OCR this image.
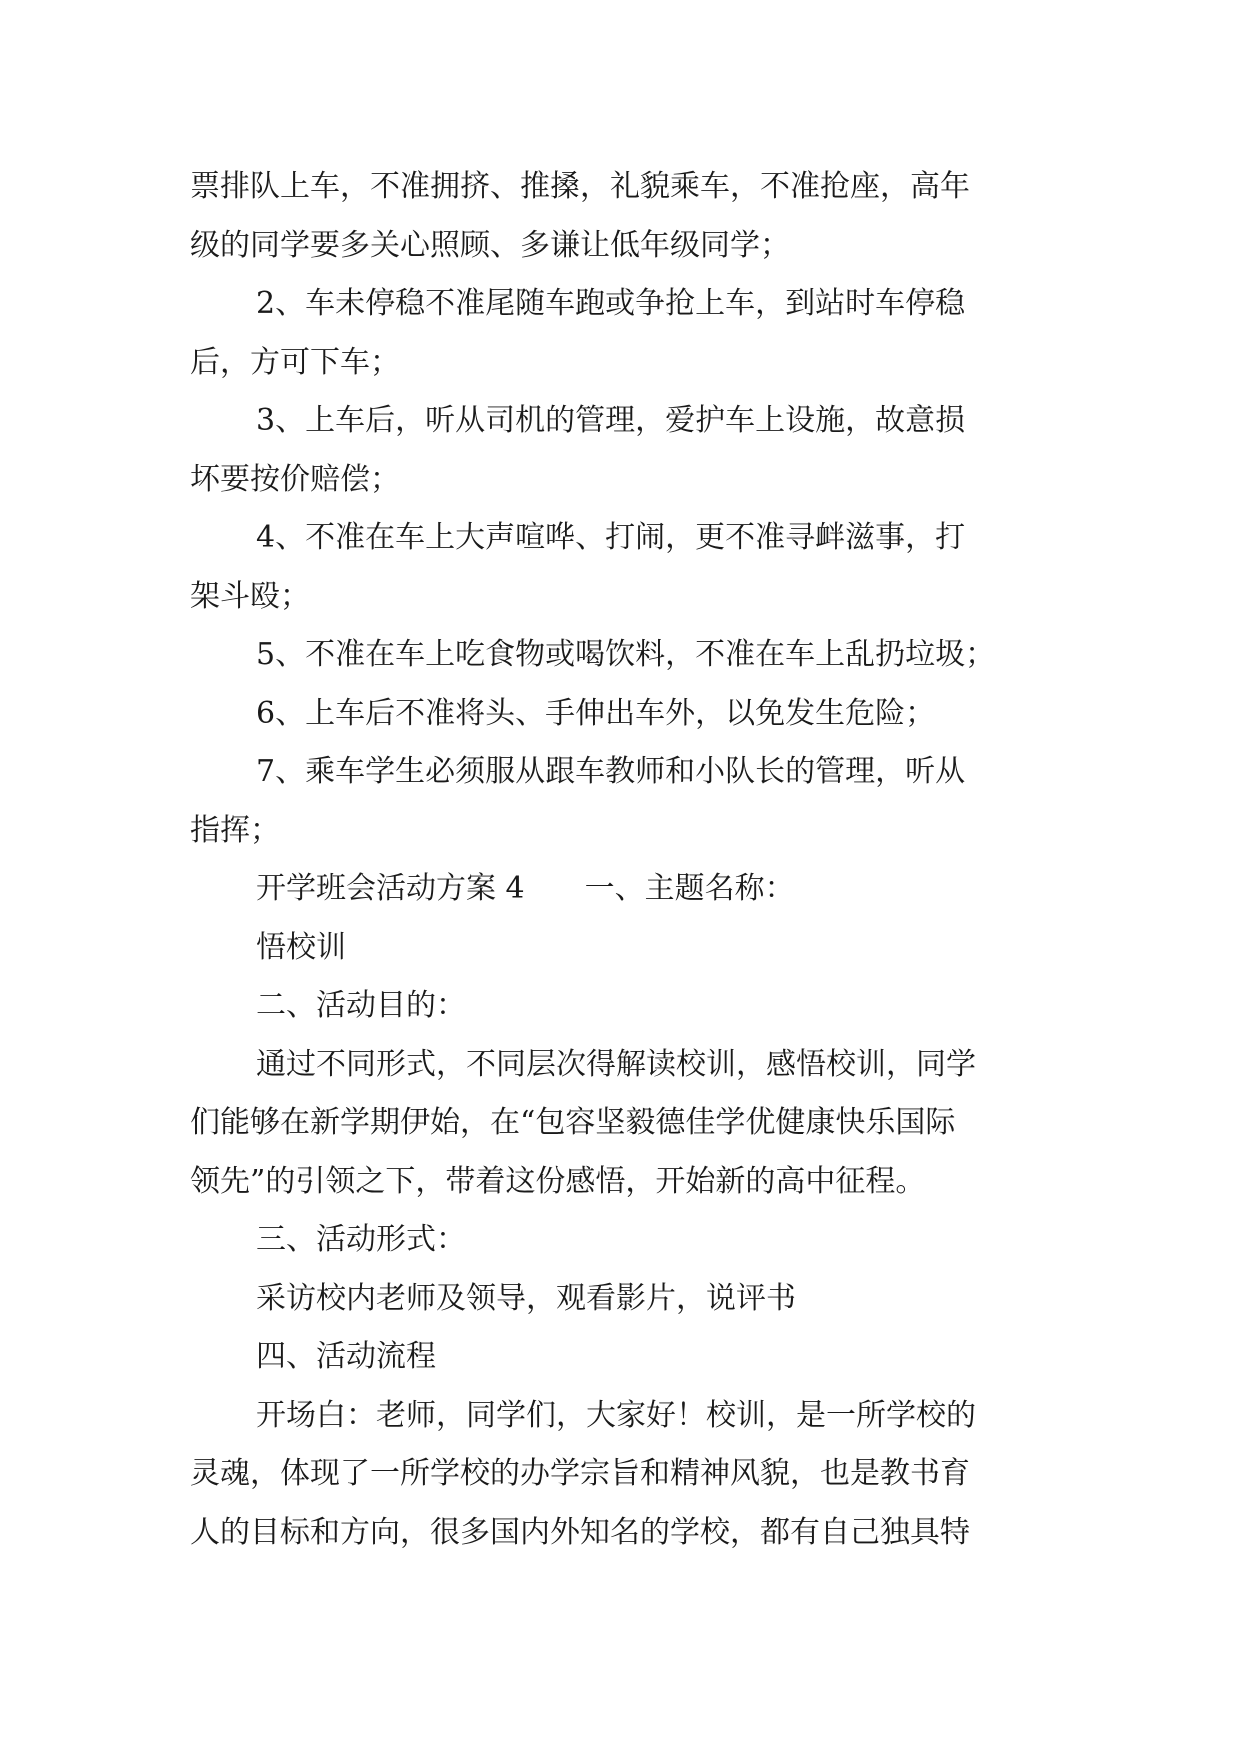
票排队上车，不准拥挤、推搡，礼貌乘车，不准抢座，高年

级的同学要多关心照顾、多谦让低年级同学；

2、车未停稳不准尾随车跑或争抢上车，到站时车停稳

后，方可下车；

3、上车后，听从司机的管理，爱护车上设施，故意损

坏要按价赔偿；

4、不准在车上大声喧哗、打闹，更不准寻衅滋事，打

架斗殴；

5、不准在车上吃食物或喝饮料，不准在车上乱扔垃圾；

6、上车后不准将头、手伸出车外，以免发生危险；

7、乘车学生必须服从跟车教师和小队长的管理，听从

指挥；

开学班会活动方案 4 一、主题名称：

悟校训

二、活动目的：

通过不同形式，不同层次得解读校训，感悟校训，同学

们能够在新学期伊始，在“包容坚毅德佳学优健康快乐国际

领先”的引领之下，带着这份感悟，开始新的高中征程。

三、活动形式：

采访校内老师及领导，观看影片，说评书

四、活动流程

开场白：老师，同学们，大家好！校训，是一所学校的

灵魂，体现了一所学校的办学宗旨和精神风貌，也是教书育

人的目标和方向，很多国内外知名的学校，都有自己独具特
